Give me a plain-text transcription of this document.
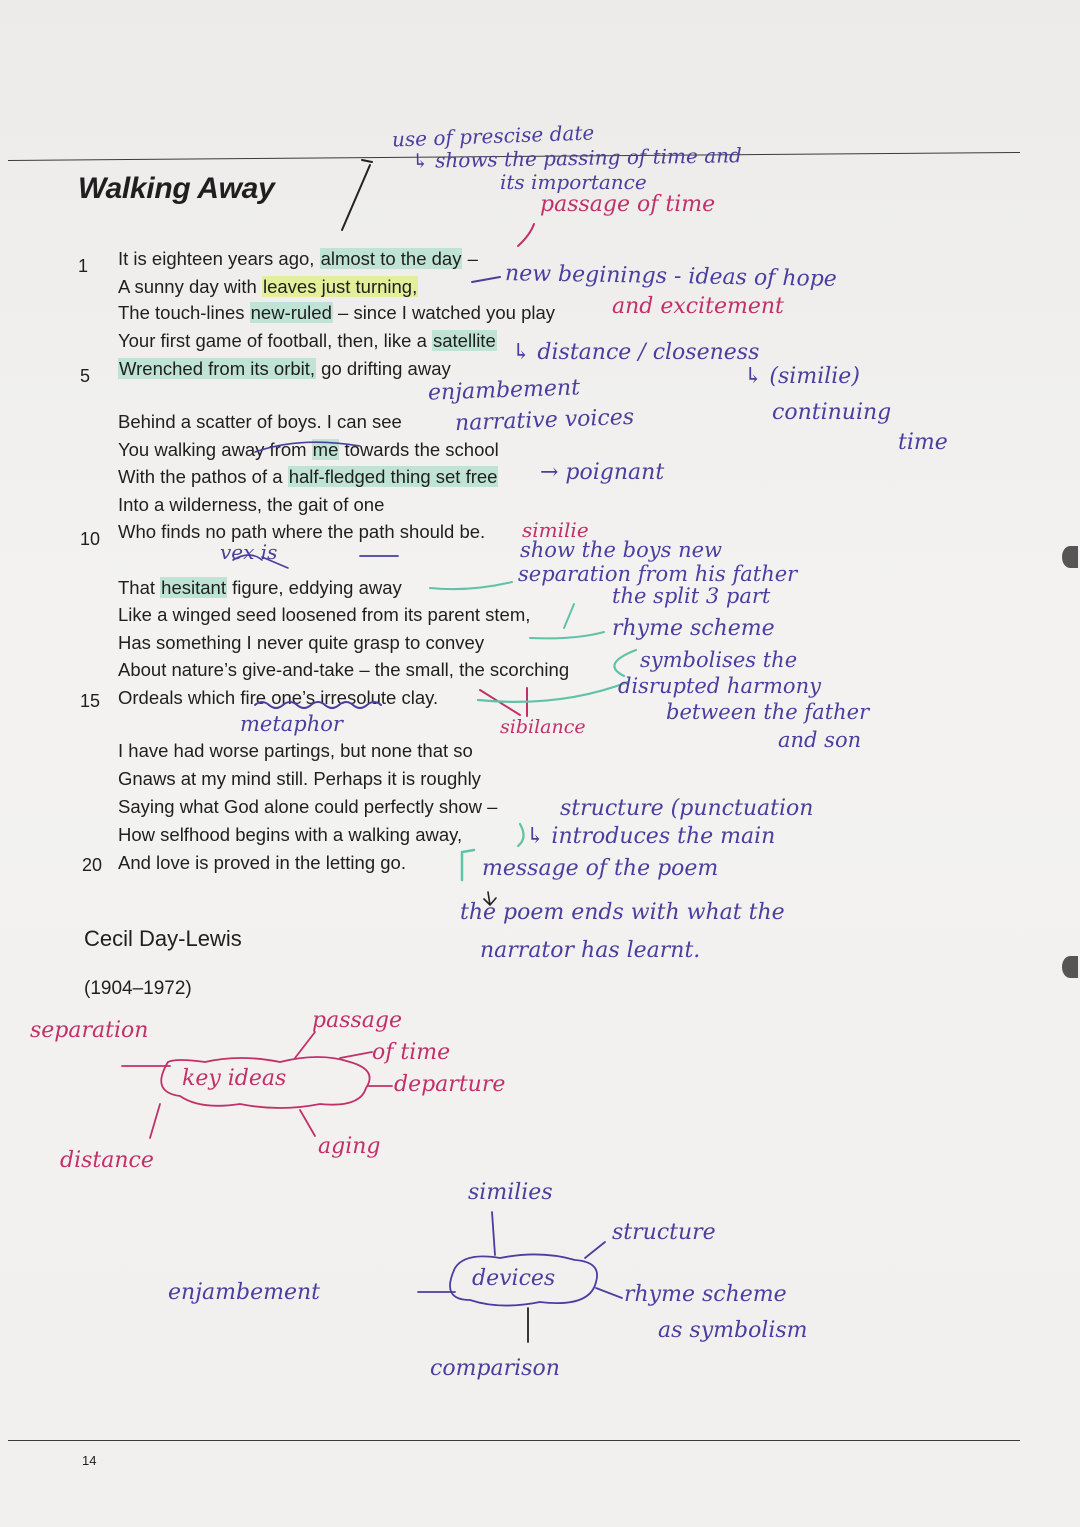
Walking Away
1
5
10
15
20
It is eighteen years ago, almost to the day –
A sunny day with leaves just turning,
The touch-lines new-ruled – since I watched you play
Your first game of football, then, like a satellite
Wrenched from its orbit, go drifting away
Behind a scatter of boys. I can see
You walking away from me towards the school
With the pathos of a half-fledged thing set free
Into a wilderness, the gait of one
Who finds no path where the path should be.
That hesitant figure, eddying away
Like a winged seed loosened from its parent stem,
Has something I never quite grasp to convey
About nature’s give-and-take – the small, the scorching
Ordeals which fire one’s irresolute clay.
I have had worse partings, but none that so
Gnaws at my mind still. Perhaps it is roughly
Saying what God alone could perfectly show –
How selfhood begins with a walking away,
And love is proved in the letting go.
Cecil Day-Lewis
(1904–1972)
14
use of prescise date
↳ shows the passing of time and
its importance
passage of time
new beginings - ideas of hope
and excitement
↳ distance / closeness
↳ (similie)
enjambement
narrative voices	continuing
time
→ poignant
similie
vex is	show the boys new
separation from his father
the split 3 part
rhyme scheme
symbolises the
disrupted harmony
between the father
and son
metaphor	sibilance
structure (punctuation
↳ introduces the main
message of the poem
the poem ends with what the
narrator has learnt.
key ideas
separation	passage
of time
departure
aging
distance
devices
similies
structure
enjambement	rhyme scheme
as symbolism
comparison
